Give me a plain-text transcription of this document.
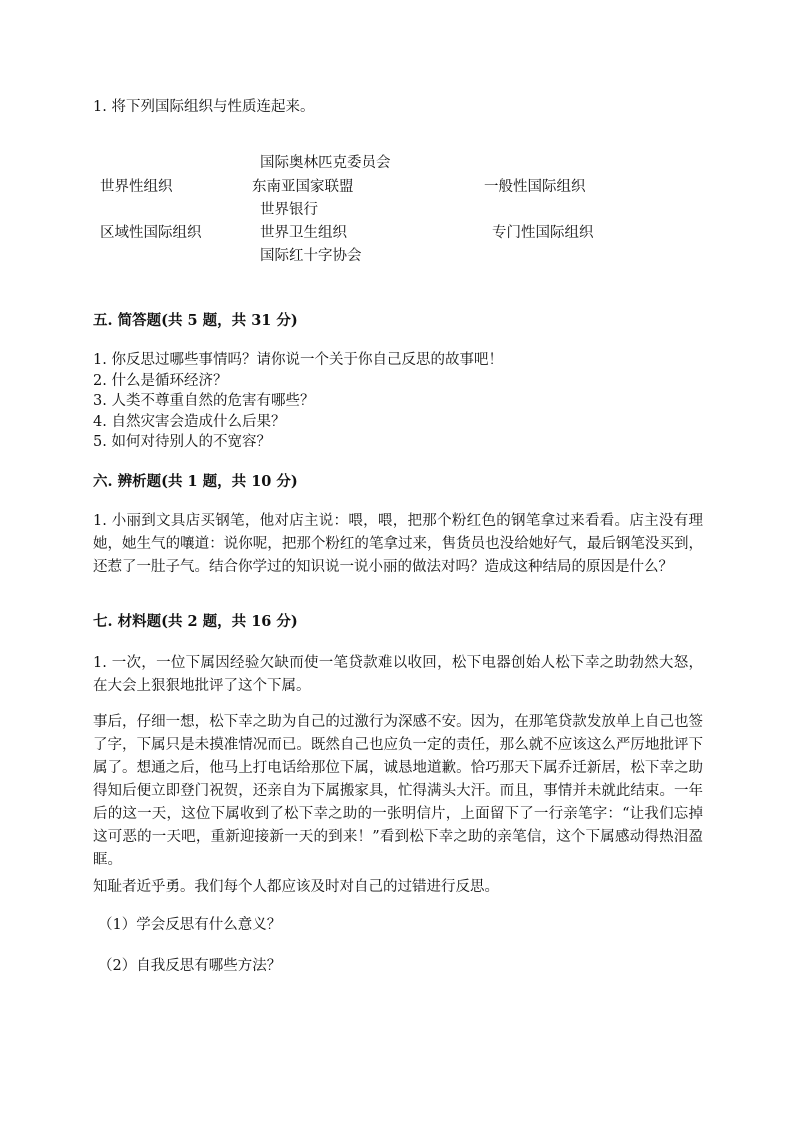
1. 将下列国际组织与性质连起来。
国际奥林匹克委员会
世界性组织	东南亚国家联盟	一般性国际组织
世界银行
区域性国际组织	世界卫生组织	专门性国际组织
国际红十字协会
五. 简答题(共 5 题，共 31 分)
1. 你反思过哪些事情吗？请你说一个关于你自己反思的故事吧！
2. 什么是循环经济？
3. 人类不尊重自然的危害有哪些？
4. 自然灾害会造成什么后果？
5. 如何对待别人的不宽容？
六. 辨析题(共 1 题，共 10 分)
1. 小丽到文具店买钢笔，他对店主说：喂，喂，把那个粉红色的钢笔拿过来看看。店主没有理她，她生气的嚷道：说你呢，把那个粉红的笔拿过来，售货员也没给她好气，最后钢笔没买到，还惹了一肚子气。结合你学过的知识说一说小丽的做法对吗？造成这种结局的原因是什么？
七. 材料题(共 2 题，共 16 分)
1. 一次，一位下属因经验欠缺而使一笔贷款难以收回，松下电器创始人松下幸之助勃然大怒，在大会上狠狠地批评了这个下属。
事后，仔细一想，松下幸之助为自己的过激行为深感不安。因为，在那笔贷款发放单上自己也签了字，下属只是未摸准情况而已。既然自己也应负一定的责任，那么就不应该这么严厉地批评下属了。想通之后，他马上打电话给那位下属，诚恳地道歉。恰巧那天下属乔迁新居，松下幸之助得知后便立即登门祝贺，还亲自为下属搬家具，忙得满头大汗。而且，事情并未就此结束。一年后的这一天，这位下属收到了松下幸之助的一张明信片，上面留下了一行亲笔字：“让我们忘掉这可恶的一天吧，重新迎接新一天的到来！”看到松下幸之助的亲笔信，这个下属感动得热泪盈眶。
知耻者近乎勇。我们每个人都应该及时对自己的过错进行反思。
（1）学会反思有什么意义？
（2）自我反思有哪些方法？
